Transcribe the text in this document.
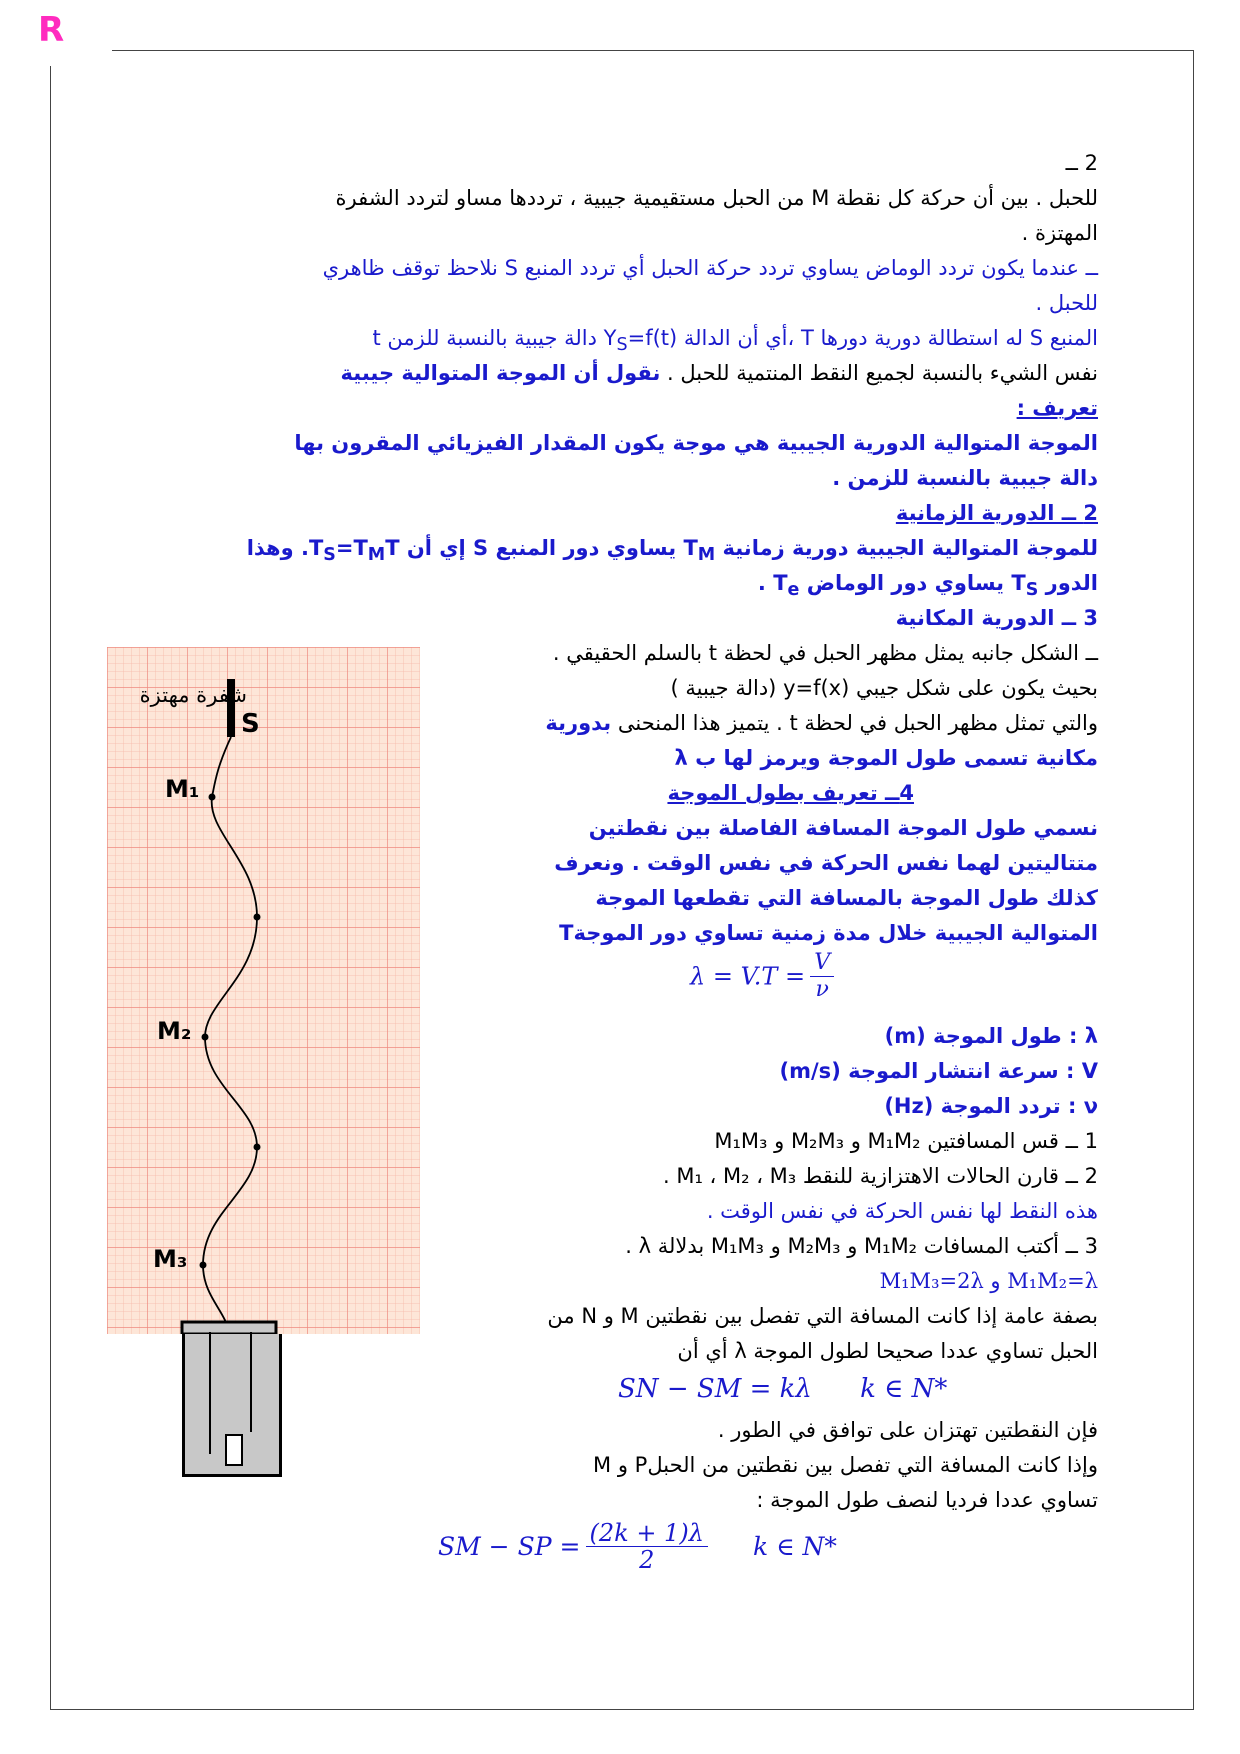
R
2 ــ
للحبل . بين أن حركة كل نقطة M من الحبل مستقيمية جيبية ، ترددها مساو لتردد الشفرة
المهتزة .
ــ عندما يكون تردد الوماض يساوي تردد حركة الحبل أي تردد المنبع S نلاحظ توقف ظاهري
للحبل .
المنبع S له استطالة دورية دورها T ،أي أن الدالة $Y_S=f(t)$ دالة جيبية بالنسبة للزمن t
نفس الشيء بالنسبة لجميع النقط المنتمية للحبل . نقول أن الموجة المتوالية جيبية
تعريف :
الموجة المتوالية الدورية الجيبية هي موجة يكون المقدار الفيزيائي المقرون بها
دالة جيبية بالنسبة للزمن .
2 ــ الدورية الزمانية
للموجة المتوالية الجيبية دورية زمانية $T_M$ يساوي دور المنبع S إي أن $T_S=T_MT$. وهذا
الدور $T_S$ يساوي دور الوماض $T_e$ .
3 ــ الدورية المكانية
ــ الشكل جانبه يمثل مظهر الحبل في لحظة t بالسلم الحقيقي .
بحيث يكون على شكل جيبي y=f(x) (دالة جيبية )
والتي تمثل مظهر الحبل في لحظة t . يتميز هذا المنحنى بدورية
مكانية تسمى طول الموجة ويرمز لها ب λ
4ــ تعريف بطول الموجة
نسمي طول الموجة المسافة الفاصلة بين نقطتين
متتاليتين لهما نفس الحركة في نفس الوقت . ونعرف
كذلك طول الموجة بالمسافة التي تقطعها الموجة
المتوالية الجيبية خلال مدة زمنية تساوي دور الموجةT
$\lambda = V.T = \frac{V}{\nu}$
λ : طول الموجة (m)
V : سرعة انتشار الموجة (m/s)
ν : تردد الموجة (Hz)
1 ــ قس المسافتين M₁M₂ و M₂M₃ و M₁M₃
2 ــ قارن الحالات الاهتزازية للنقط M₁ ، M₂ ، M₃ .
هذه النقط لها نفس الحركة في نفس الوقت .
3 ــ أكتب المسافات M₁M₂ و M₂M₃ و M₁M₃ بدلالة λ .
M₁M₂=λ و M₁M₃=2λ
بصفة عامة إذا كانت المسافة التي تفصل بين نقطتين M و N من
الحبل تساوي عددا صحيحا لطول الموجة λ أي أن
SN − SM = kλ k ∈ N*
فإن النقطتين تهتزان على توافق في الطور .
وإذا كانت المسافة التي تفصل بين نقطتين من الحبلP و M
تساوي عددا فرديا لنصف طول الموجة :
SM − SP = $\frac{(2k + 1)\lambda}{2}$ k ∈ N*
شفرة مهتزة
S
M₁
M₂
M₃
